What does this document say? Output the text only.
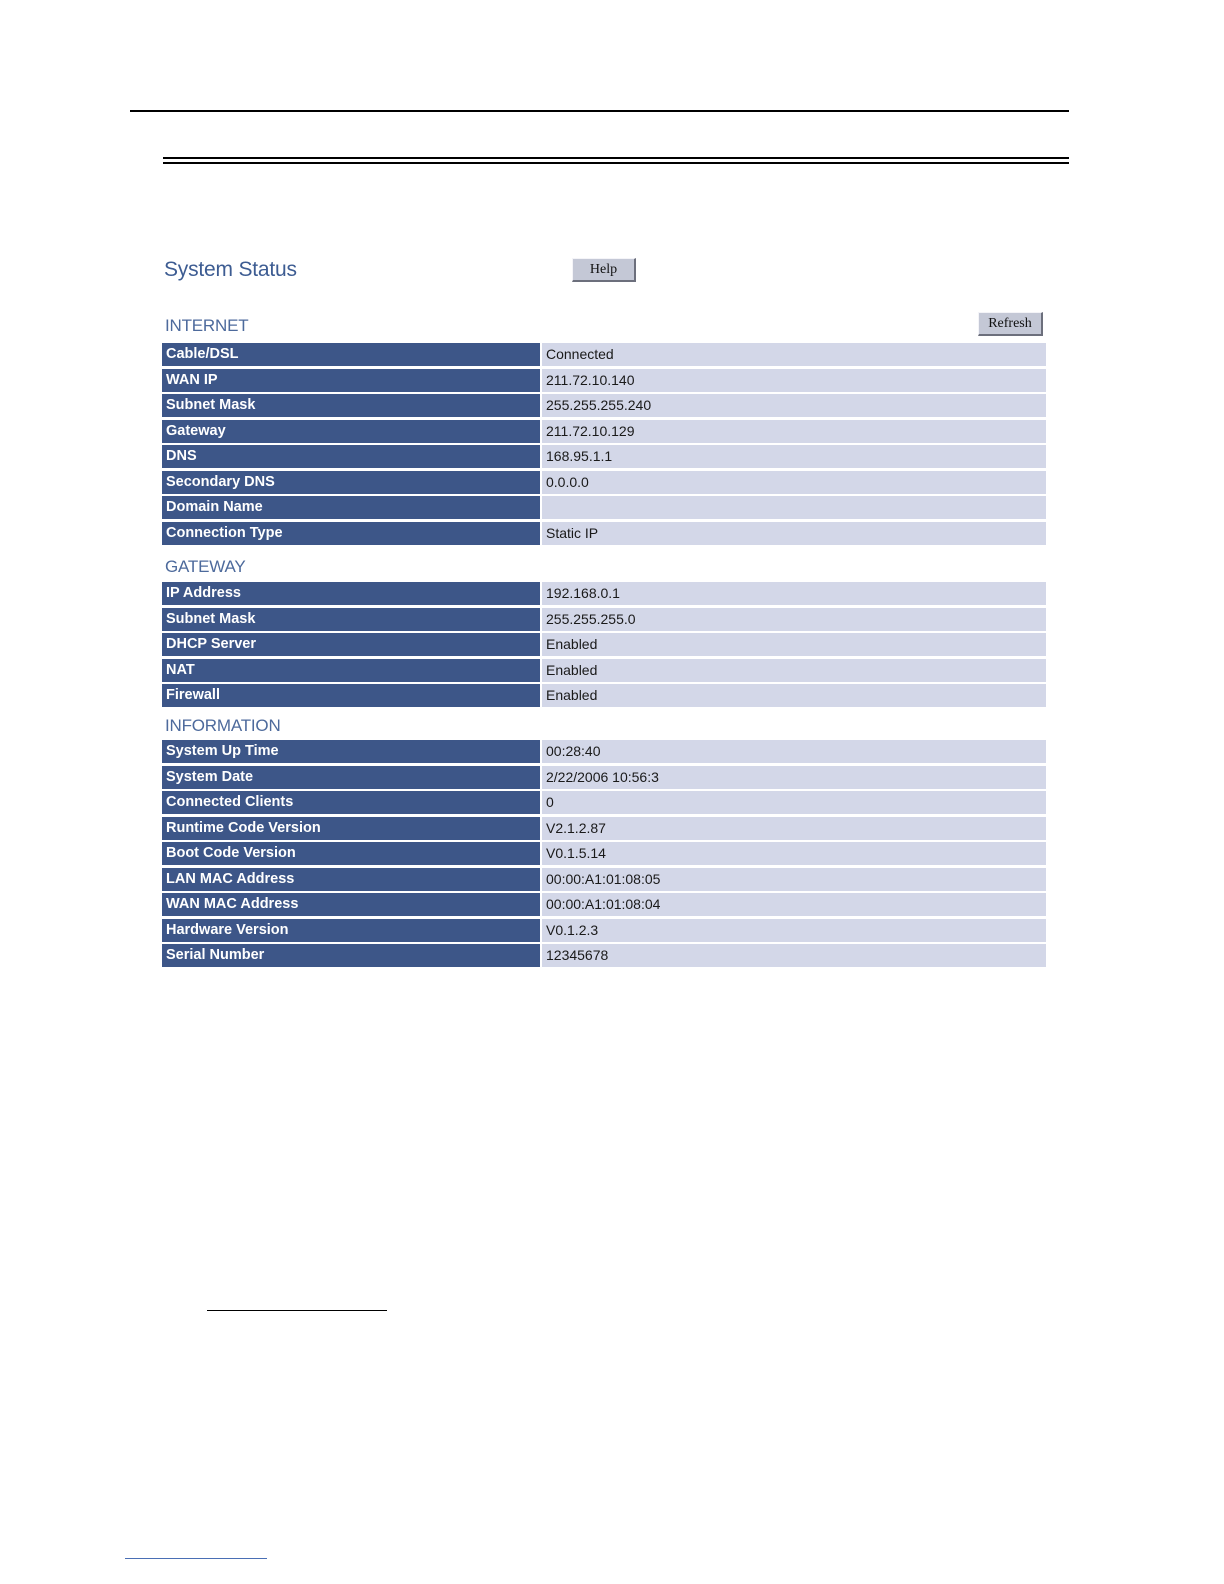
System Status	Help
INTERNET	Refresh
Cable/DSL	Connected
WAN IP	211.72.10.140
Subnet Mask	255.255.255.240
Gateway	211.72.10.129
DNS	168.95.1.1
Secondary DNS	0.0.0.0
Domain Name
Connection Type	Static IP
GATEWAY
IP Address	192.168.0.1
Subnet Mask	255.255.255.0
DHCP Server	Enabled
NAT	Enabled
Firewall	Enabled
INFORMATION
System Up Time	00:28:40
System Date	2/22/2006 10:56:3
Connected Clients	0
Runtime Code Version	V2.1.2.87
Boot Code Version	V0.1.5.14
LAN MAC Address	00:00:A1:01:08:05
WAN MAC Address	00:00:A1:01:08:04
Hardware Version	V0.1.2.3
Serial Number	12345678
